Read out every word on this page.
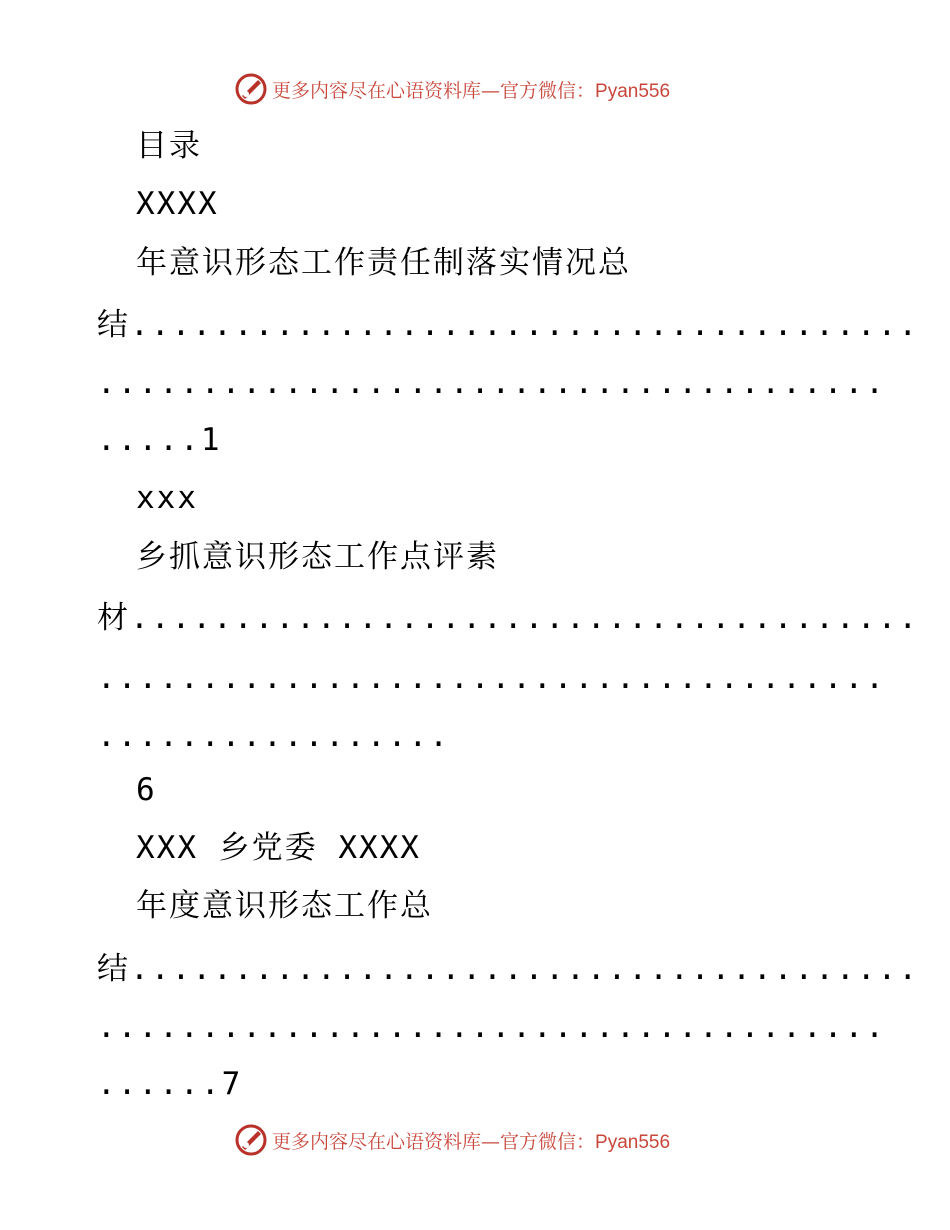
更多内容尽在心语资料库—官方微信：Pyan556
目录
XXXX
年意识形态工作责任制落实情况总
结......................................
......................................
.....1
xxx
乡抓意识形态工作点评素
材......................................
......................................
.................
6
XXX 乡党委 XXXX
年度意识形态工作总
结......................................
......................................
......7
更多内容尽在心语资料库—官方微信：Pyan556
